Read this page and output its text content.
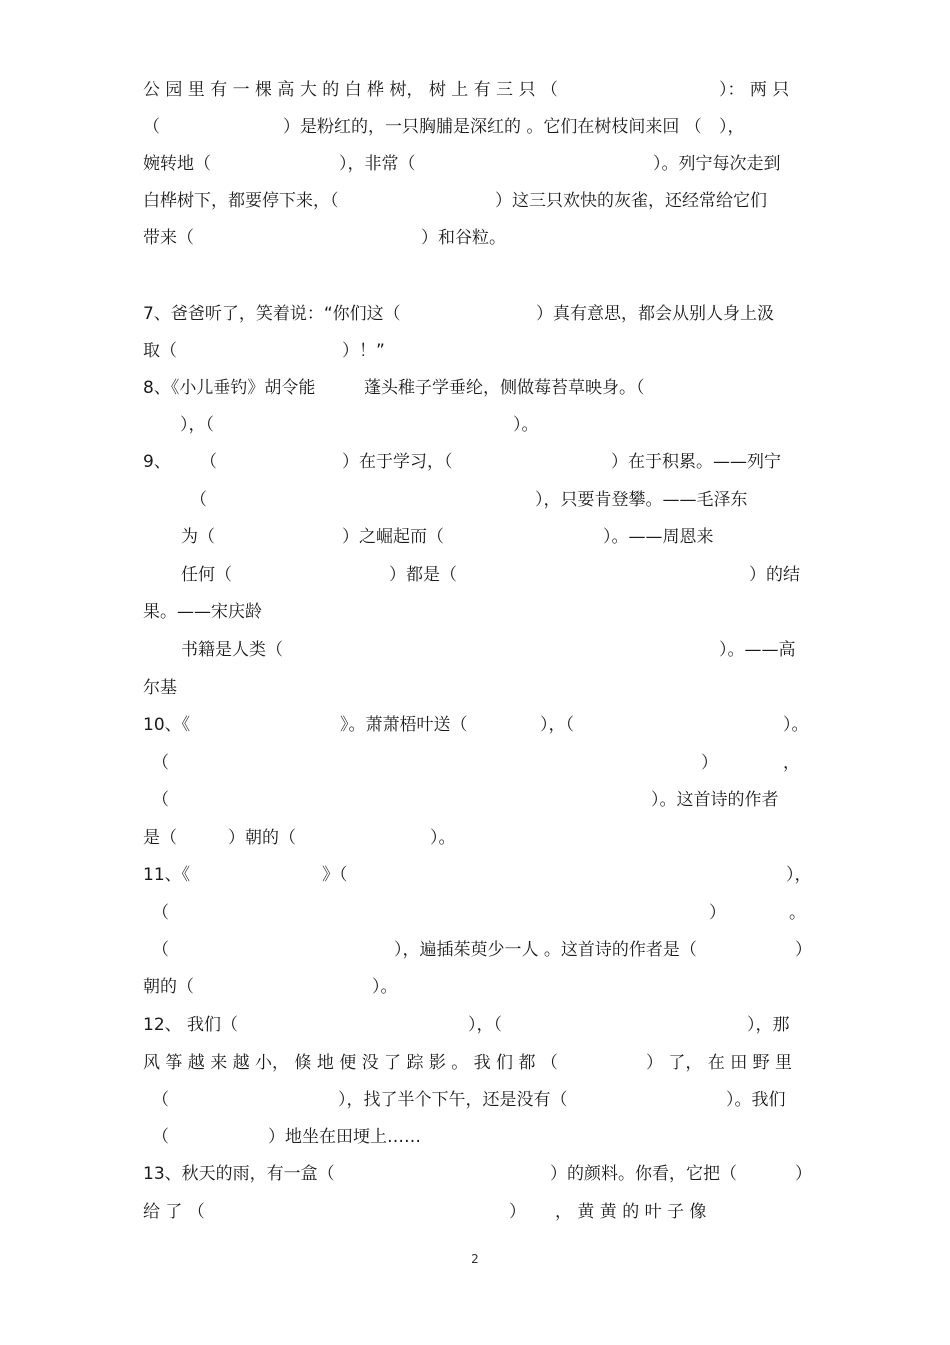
公 园 里 有 一 棵 高 大 的 白 桦 树， 树 上 有 三 只 （	）： 两 只
（	）是粉红的，一只胸脯是深红的 。它们在树枝间来回 （ ），
婉转地（	），非常（	）。列宁每次走到
白桦树下，都要停下来，（	）这三只欢快的灰雀，还经常给它们
带来（	）和谷粒。
7、爸爸听了，笑着说：“你们这（	）真有意思，都会从别人身上汲
取（	）！”
8、《小儿垂钓》胡令能	蓬头稚子学垂纶，侧做莓苔草映身。（
），（	）。
9、 （	）在于学习，（	）在于积累。——列宁
（	），只要肯登攀。——毛泽东
为（	）之崛起而（	）。——周恩来
任何（	）都是（	）的结
果。——宋庆龄
书籍是人类（	）。——高
尔基
10、《	》。萧萧梧叶送（	），（	）。
（	）	，
（	）。这首诗的作者
是（	）朝的（	）。
11、《	》（	），
（	）	。
（	），遍插茱萸少一人 。这首诗的作者是（	）
朝的（	）。
12、 我们（	），（	），那
风 筝 越 来 越 小， 倏 地 便 没 了 踪 影 。 我 们 都 （	） 了， 在 田 野 里
（	），找了半个下午，还是没有（	）。我们
（	）地坐在田埂上……
13、秋天的雨，有一盒（	）的颜料。你看，它把（	）
给 了 （	） ， 黄 黄 的 叶 子 像
2
